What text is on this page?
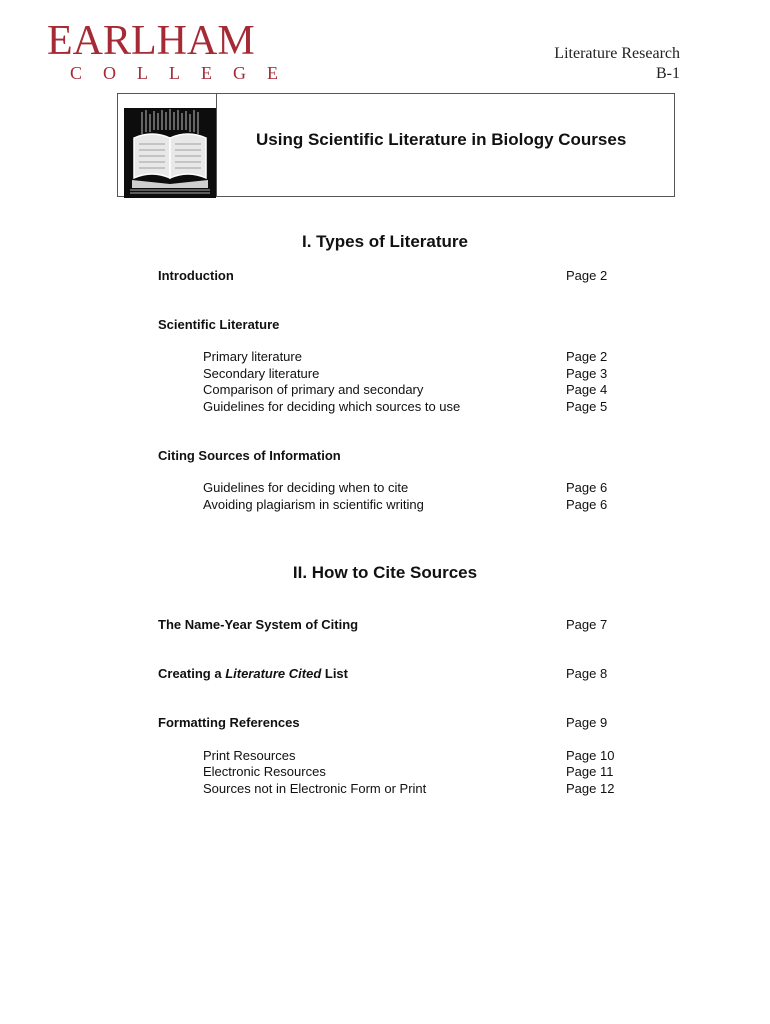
EARLHAM
COLLEGE
Literature Research
B-1
Using Scientific Literature in Biology Courses
I. Types of Literature
Introduction	Page 2
Scientific Literature
Primary literature	Page 2
Secondary literature	Page 3
Comparison of primary and secondary	Page 4
Guidelines for deciding which sources to use	Page 5
Citing Sources of Information
Guidelines for deciding when to cite	Page 6
Avoiding plagiarism in scientific writing	Page 6
II. How to Cite Sources
The Name-Year System of Citing	Page 7
Creating a Literature Cited List	Page 8
Formatting References	Page 9
Print Resources	Page 10
Electronic Resources	Page 11
Sources not in Electronic Form or Print	Page 12
